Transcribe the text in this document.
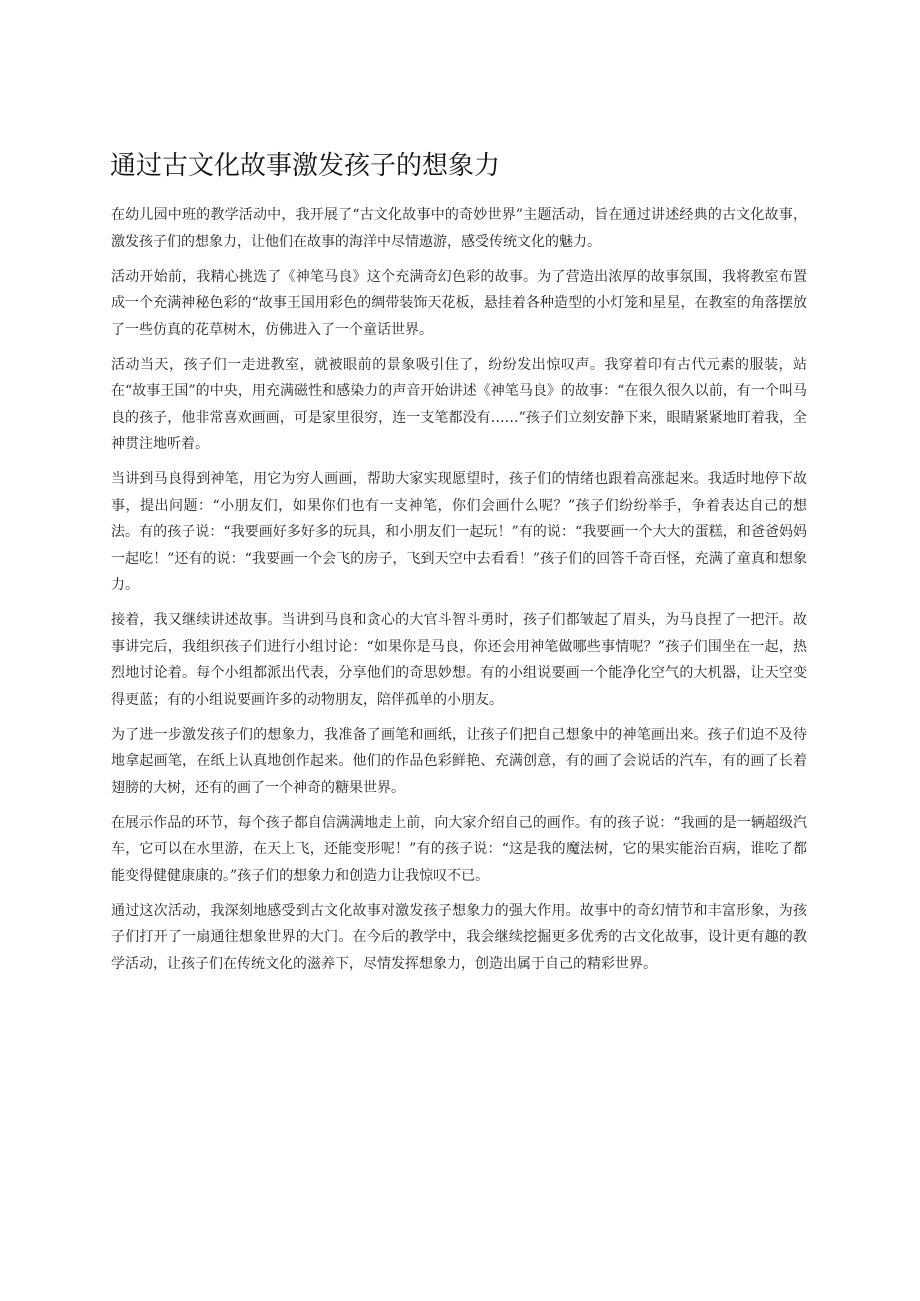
通过古文化故事激发孩子的想象力

在幼儿园中班的教学活动中，我开展了“古文化故事中的奇妙世界”主题活动，旨在通过讲述经典的古文化故事，激发孩子们的想象力，让他们在故事的海洋中尽情遨游，感受传统文化的魅力。

活动开始前，我精心挑选了《神笔马良》这个充满奇幻色彩的故事。为了营造出浓厚的故事氛围，我将教室布置成一个充满神秘色彩的“故事王国用彩色的绸带装饰天花板，悬挂着各种造型的小灯笼和星星，在教室的角落摆放了一些仿真的花草树木，仿佛进入了一个童话世界。

活动当天，孩子们一走进教室，就被眼前的景象吸引住了，纷纷发出惊叹声。我穿着印有古代元素的服装，站在“故事王国”的中央，用充满磁性和感染力的声音开始讲述《神笔马良》的故事：“在很久很久以前，有一个叫马良的孩子，他非常喜欢画画，可是家里很穷，连一支笔都没有……”孩子们立刻安静下来，眼睛紧紧地盯着我，全神贯注地听着。

当讲到马良得到神笔，用它为穷人画画，帮助大家实现愿望时，孩子们的情绪也跟着高涨起来。我适时地停下故事，提出问题：“小朋友们，如果你们也有一支神笔，你们会画什么呢？”孩子们纷纷举手，争着表达自己的想法。有的孩子说：“我要画好多好多的玩具，和小朋友们一起玩！”有的说：“我要画一个大大的蛋糕，和爸爸妈妈一起吃！”还有的说：“我要画一个会飞的房子，飞到天空中去看看！”孩子们的回答千奇百怪，充满了童真和想象力。

接着，我又继续讲述故事。当讲到马良和贪心的大官斗智斗勇时，孩子们都皱起了眉头，为马良捏了一把汗。故事讲完后，我组织孩子们进行小组讨论：“如果你是马良，你还会用神笔做哪些事情呢？”孩子们围坐在一起，热烈地讨论着。每个小组都派出代表，分享他们的奇思妙想。有的小组说要画一个能净化空气的大机器，让天空变得更蓝；有的小组说要画许多的动物朋友，陪伴孤单的小朋友。

为了进一步激发孩子们的想象力，我准备了画笔和画纸，让孩子们把自己想象中的神笔画出来。孩子们迫不及待地拿起画笔，在纸上认真地创作起来。他们的作品色彩鲜艳、充满创意，有的画了会说话的汽车，有的画了长着翅膀的大树，还有的画了一个神奇的糖果世界。

在展示作品的环节，每个孩子都自信满满地走上前，向大家介绍自己的画作。有的孩子说：“我画的是一辆超级汽车，它可以在水里游，在天上飞，还能变形呢！”有的孩子说：“这是我的魔法树，它的果实能治百病，谁吃了都能变得健健康康的。”孩子们的想象力和创造力让我惊叹不已。

通过这次活动，我深刻地感受到古文化故事对激发孩子想象力的强大作用。故事中的奇幻情节和丰富形象，为孩子们打开了一扇通往想象世界的大门。在今后的教学中，我会继续挖掘更多优秀的古文化故事，设计更有趣的教学活动，让孩子们在传统文化的滋养下，尽情发挥想象力，创造出属于自己的精彩世界。
